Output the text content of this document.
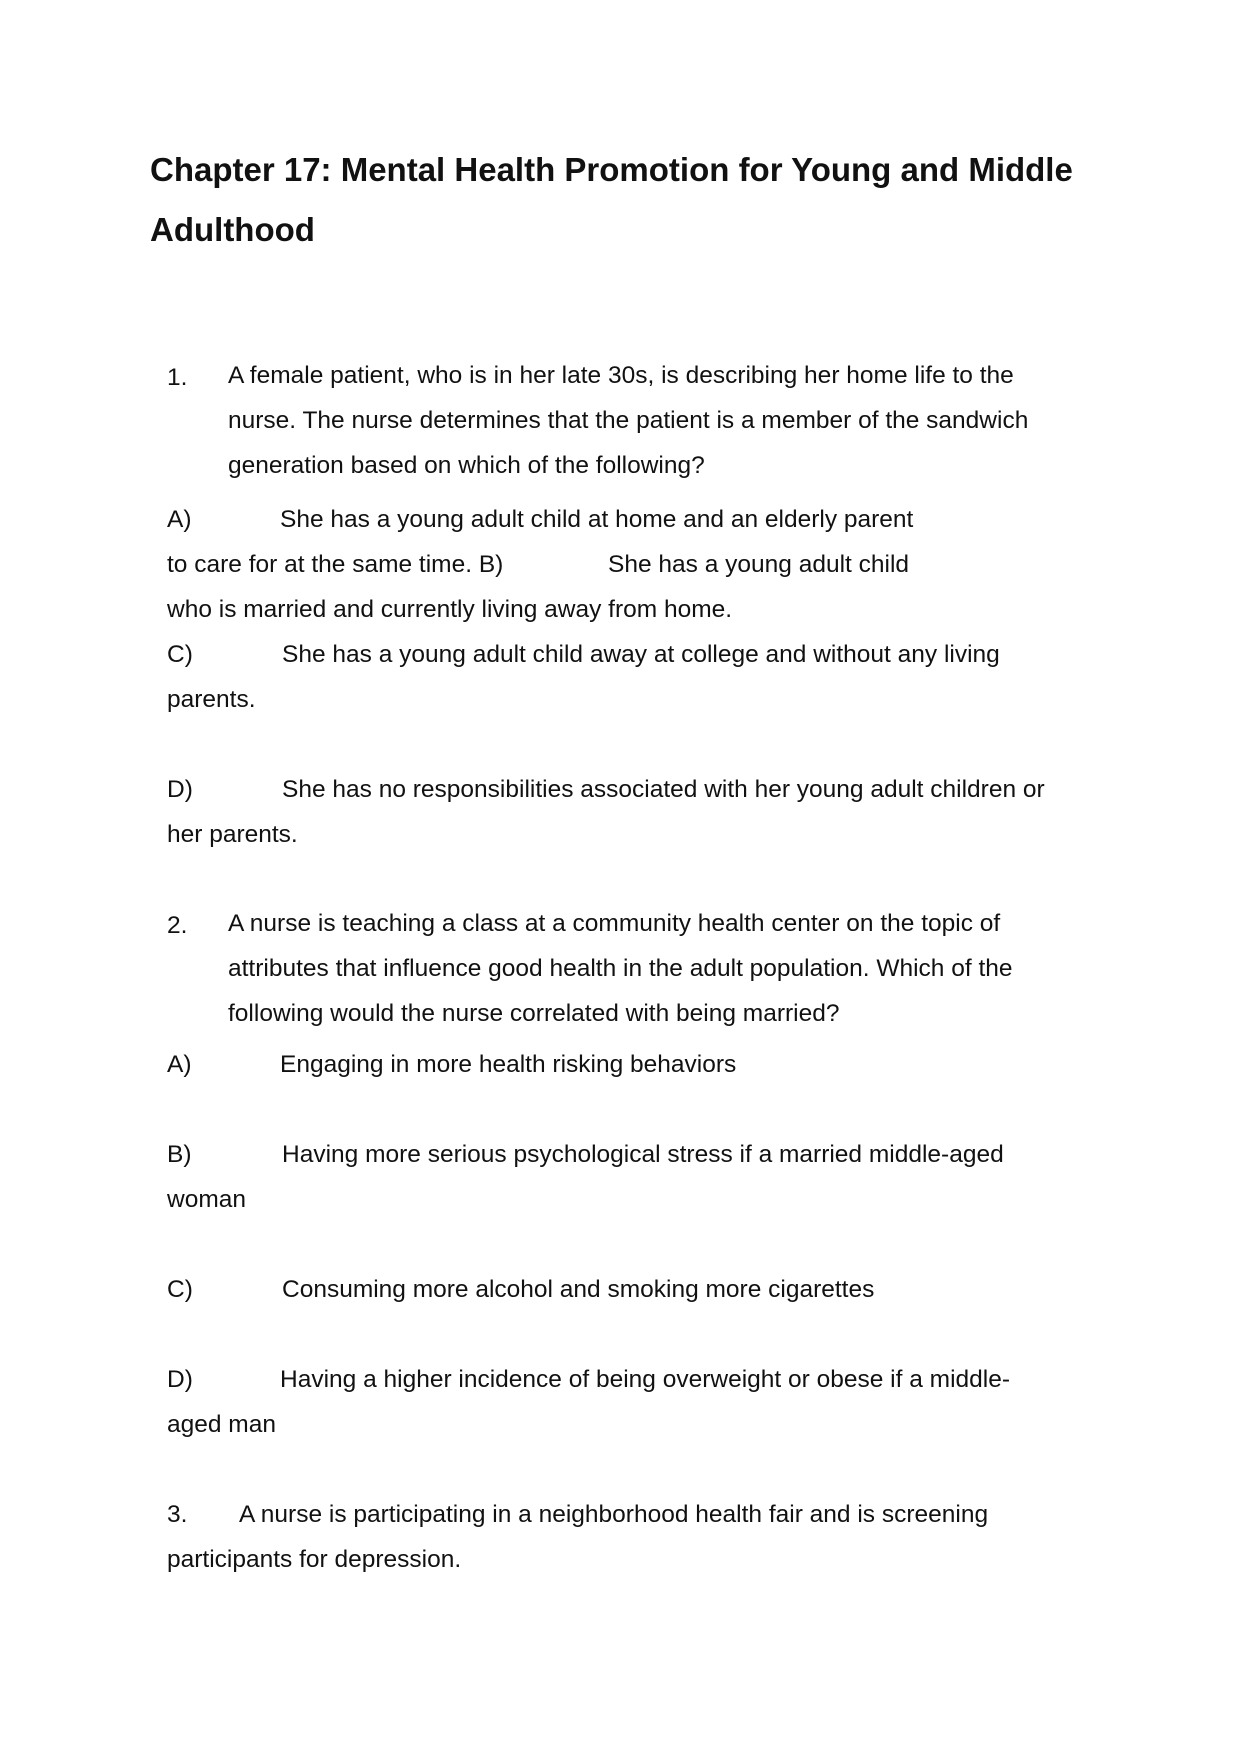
Chapter 17: Mental Health Promotion for Young and Middle Adulthood
1. A female patient, who is in her late 30s, is describing her home life to the nurse. The nurse determines that the patient is a member of the sandwich generation based on which of the following?
A)	She has a young adult child at home and an elderly parent
to care for at the same time. B)	She has a young adult child
who is married and currently living away from home.
C)	She has a young adult child away at college and without any living
parents.
D)	She has no responsibilities associated with her young adult children or
her parents.
2. A nurse is teaching a class at a community health center on the topic of attributes that influence good health in the adult population. Which of the following would the nurse correlated with being married?
A)	Engaging in more health risking behaviors
B)	Having more serious psychological stress if a married middle-aged
woman
C)	Consuming more alcohol and smoking more cigarettes
D)	Having a higher incidence of being overweight or obese if a middle-
aged man
3. A nurse is participating in a neighborhood health fair and is screening
participants for depression.
